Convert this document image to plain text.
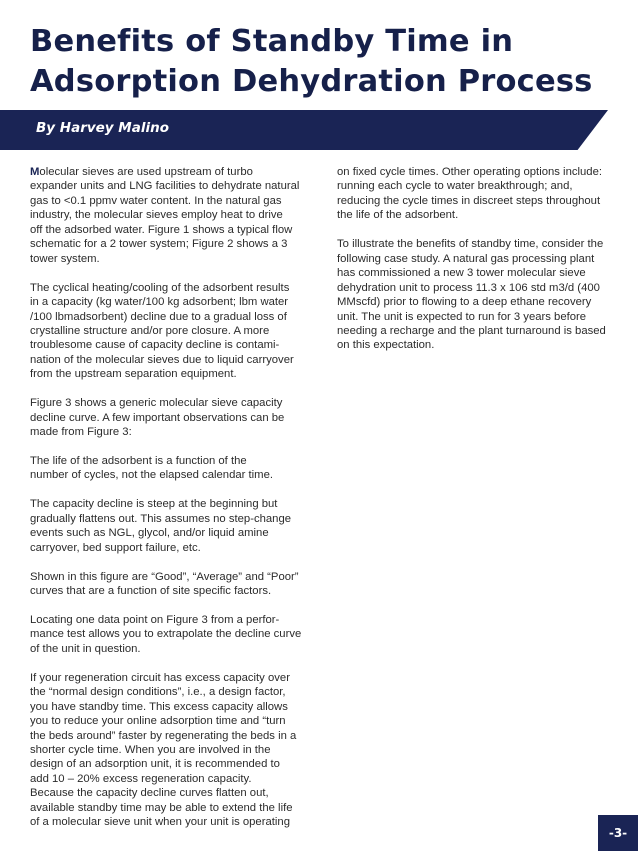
Benefits of Standby Time in
Adsorption Dehydration Process
By Harvey Malino

Molecular sieves are used upstream of turbo
expander units and LNG facilities to dehydrate natural
gas to <0.1 ppmv water content. In the natural gas
industry, the molecular sieves employ heat to drive
off the adsorbed water. Figure 1 shows a typical flow
schematic for a 2 tower system; Figure 2 shows a 3
tower system.

The cyclical heating/cooling of the adsorbent results
in a capacity (kg water/100 kg adsorbent; lbm water
/100 lbmadsorbent) decline due to a gradual loss of
crystalline structure and/or pore closure. A more
troublesome cause of capacity decline is contami-
nation of the molecular sieves due to liquid carryover
from the upstream separation equipment.

Figure 3 shows a generic molecular sieve capacity
decline curve. A few important observations can be
made from Figure 3:

The life of the adsorbent is a function of the
number of cycles, not the elapsed calendar time.

The capacity decline is steep at the beginning but
gradually flattens out. This assumes no step-change
events such as NGL, glycol, and/or liquid amine
carryover, bed support failure, etc.

Shown in this figure are “Good”, “Average” and “Poor”
curves that are a function of site specific factors.

Locating one data point on Figure 3 from a perfor-
mance test allows you to extrapolate the decline curve
of the unit in question.

If your regeneration circuit has excess capacity over
the “normal design conditions”, i.e., a design factor,
you have standby time. This excess capacity allows
you to reduce your online adsorption time and “turn
the beds around” faster by regenerating the beds in a
shorter cycle time. When you are involved in the
design of an adsorption unit, it is recommended to
add 10 – 20% excess regeneration capacity.
Because the capacity decline curves flatten out,
available standby time may be able to extend the life
of a molecular sieve unit when your unit is operating

on fixed cycle times. Other operating options include:
running each cycle to water breakthrough; and,
reducing the cycle times in discreet steps throughout
the life of the adsorbent.

To illustrate the benefits of standby time, consider the
following case study. A natural gas processing plant
has commissioned a new 3 tower molecular sieve
dehydration unit to process 11.3 x 106 std m3/d (400
MMscfd) prior to flowing to a deep ethane recovery
unit. The unit is expected to run for 3 years before
needing a recharge and the plant turnaround is based
on this expectation.

-3-
